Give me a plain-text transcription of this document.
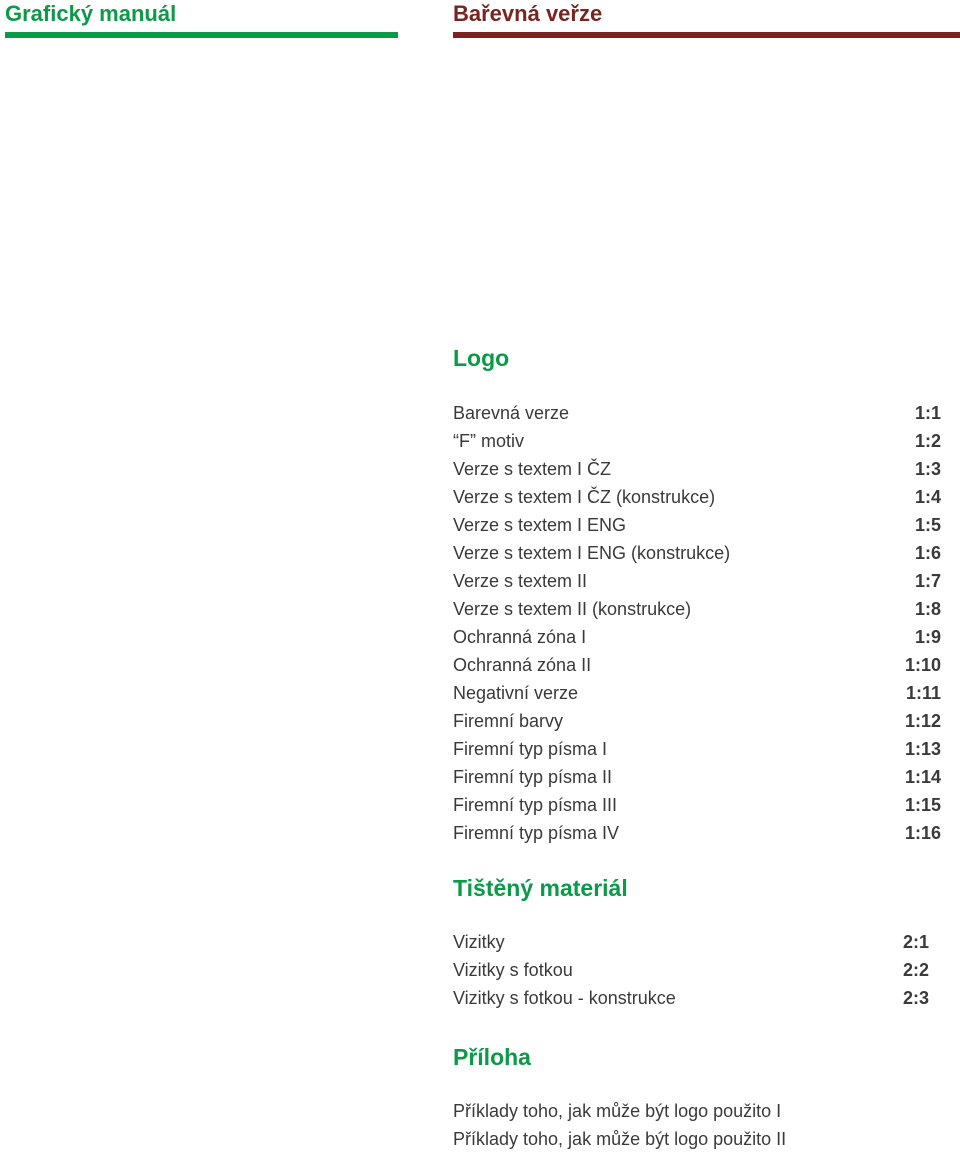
Grafický manuál	Bařevná veřze
Logo
Barevná verze	1:1
“F” motiv	1:2
Verze s textem I ČZ	1:3
Verze s textem I ČZ (konstrukce)	1:4
Verze s textem I ENG	1:5
Verze s textem I ENG (konstrukce)	1:6
Verze s textem II	1:7
Verze s textem II (konstrukce)	1:8
Ochranná zóna I	1:9
Ochranná zóna II	1:10
Negativní verze	1:11
Firemní barvy	1:12
Firemní typ písma I	1:13
Firemní typ písma II	1:14
Firemní typ písma III	1:15
Firemní typ písma IV	1:16
Tištěný materiál
Vizitky	2:1
Vizitky s fotkou	2:2
Vizitky s fotkou - konstrukce	2:3
Příloha
Příklady toho, jak může být logo použito I
Příklady toho, jak může být logo použito II
